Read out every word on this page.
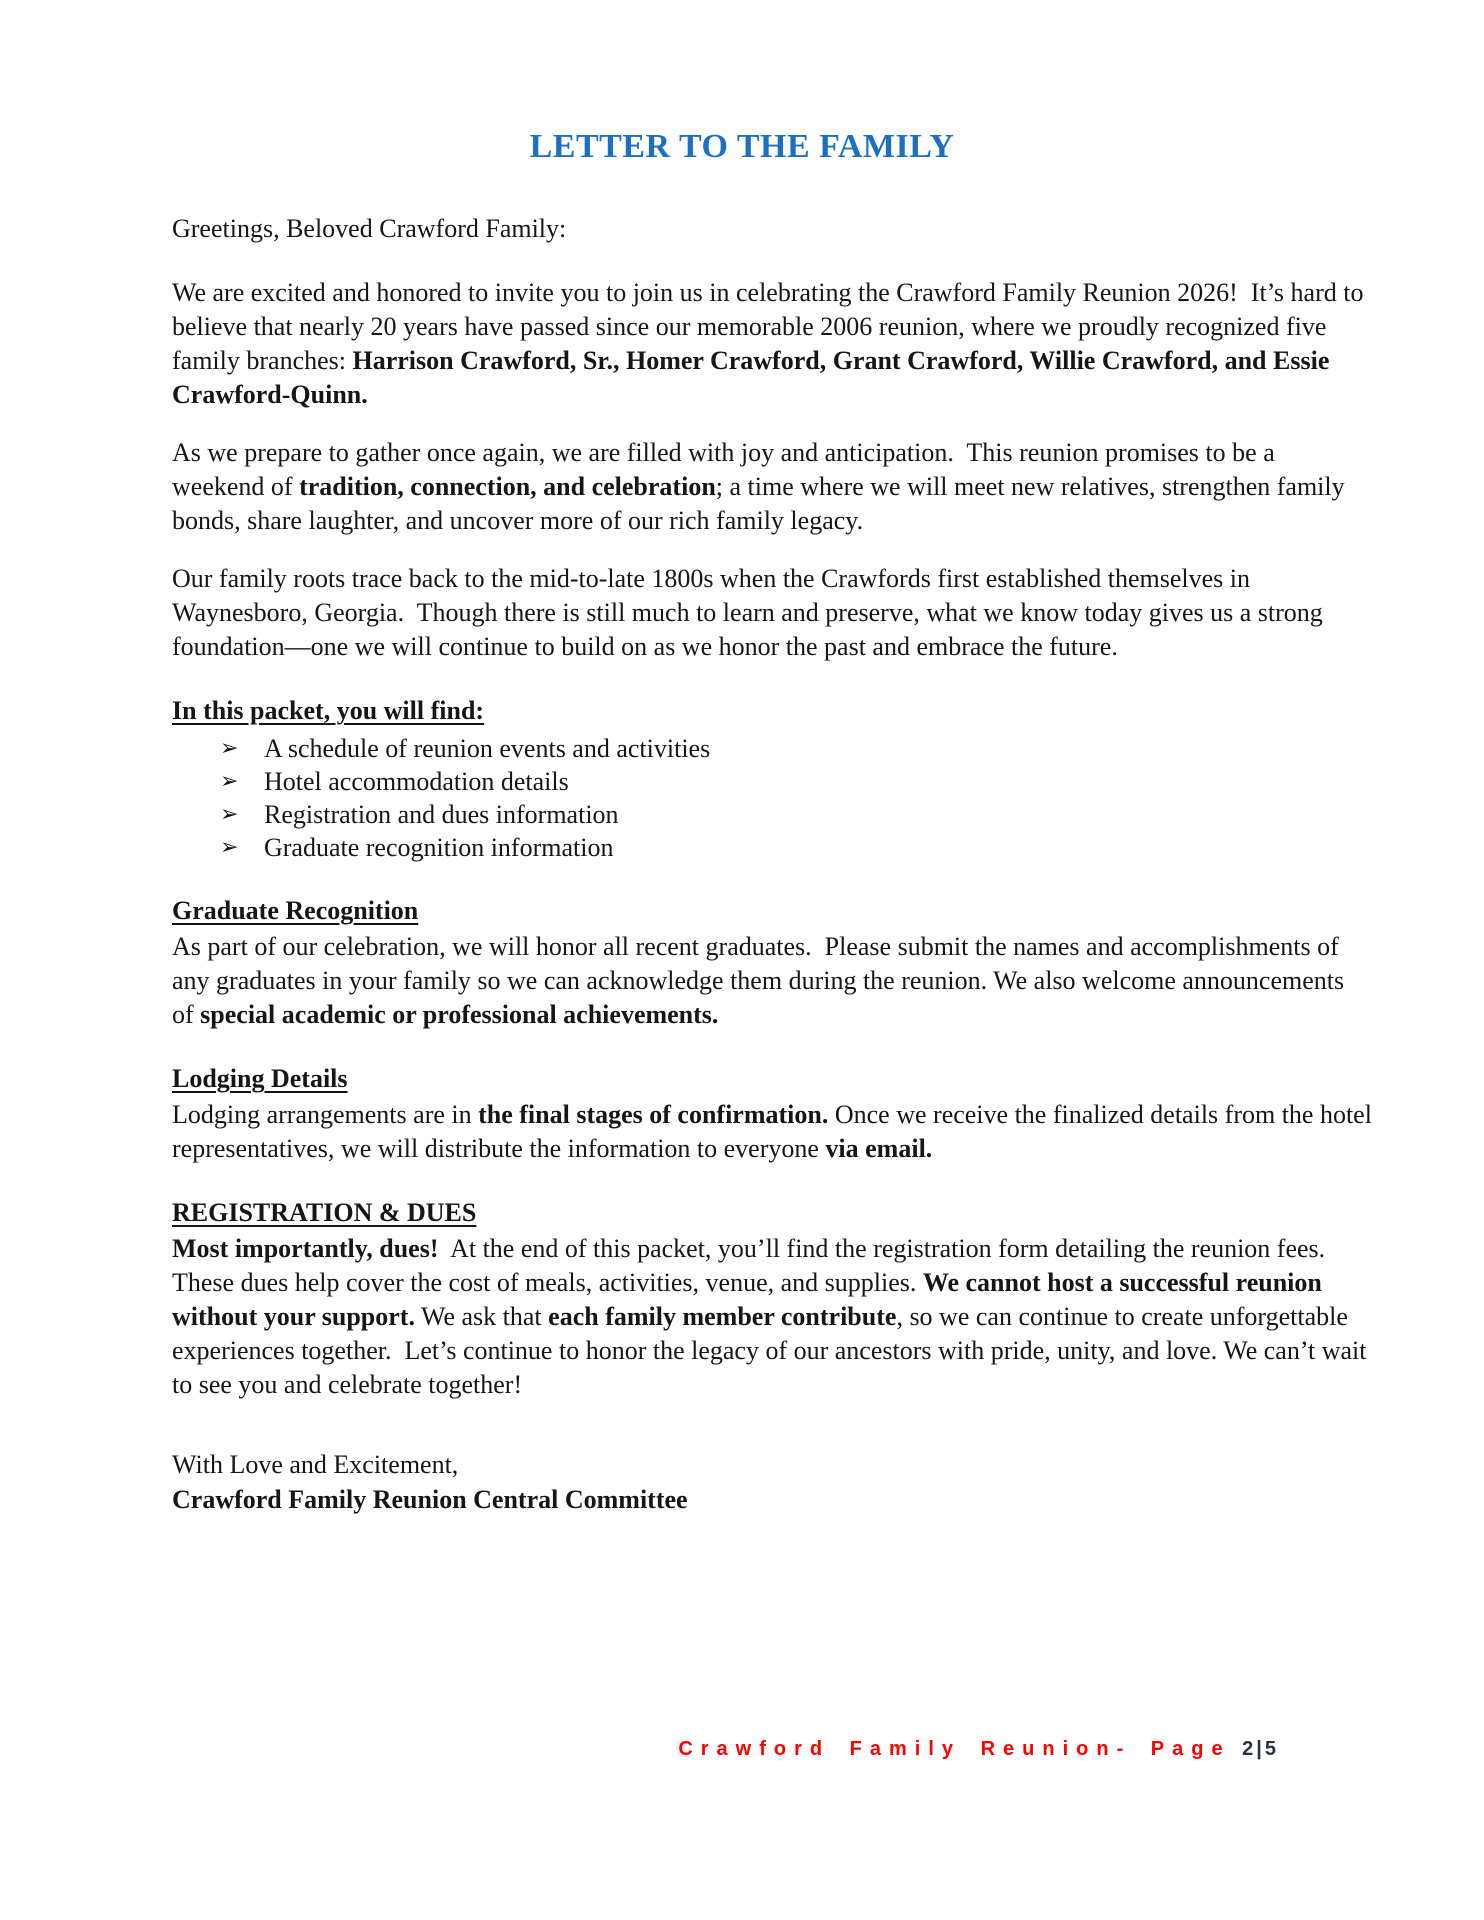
LETTER TO THE FAMILY

Greetings, Beloved Crawford Family:

We are excited and honored to invite you to join us in celebrating the Crawford Family Reunion 2026!  It’s hard to believe that nearly 20 years have passed since our memorable 2006 reunion, where we proudly recognized five family branches: Harrison Crawford, Sr., Homer Crawford, Grant Crawford, Willie Crawford, and Essie Crawford-Quinn.

As we prepare to gather once again, we are filled with joy and anticipation.  This reunion promises to be a weekend of tradition, connection, and celebration; a time where we will meet new relatives, strengthen family bonds, share laughter, and uncover more of our rich family legacy.

Our family roots trace back to the mid-to-late 1800s when the Crawfords first established themselves in Waynesboro, Georgia.  Though there is still much to learn and preserve, what we know today gives us a strong foundation—one we will continue to build on as we honor the past and embrace the future.

In this packet, you will find:
➢ A schedule of reunion events and activities
➢ Hotel accommodation details
➢ Registration and dues information
➢ Graduate recognition information
Graduate Recognition

As part of our celebration, we will honor all recent graduates.  Please submit the names and accomplishments of any graduates in your family so we can acknowledge them during the reunion. We also welcome announcements of special academic or professional achievements.

Lodging Details

Lodging arrangements are in the final stages of confirmation. Once we receive the finalized details from the hotel representatives, we will distribute the information to everyone via email.

REGISTRATION & DUES

Most importantly, dues!  At the end of this packet, you’ll find the registration form detailing the reunion fees. These dues help cover the cost of meals, activities, venue, and supplies. We cannot host a successful reunion without your support. We ask that each family member contribute, so we can continue to create unforgettable experiences together.  Let’s continue to honor the legacy of our ancestors with pride, unity, and love. We can’t wait to see you and celebrate together!

With Love and Excitement,

Crawford Family Reunion Central Committee

Crawford Family Reunion- Page 2|5
